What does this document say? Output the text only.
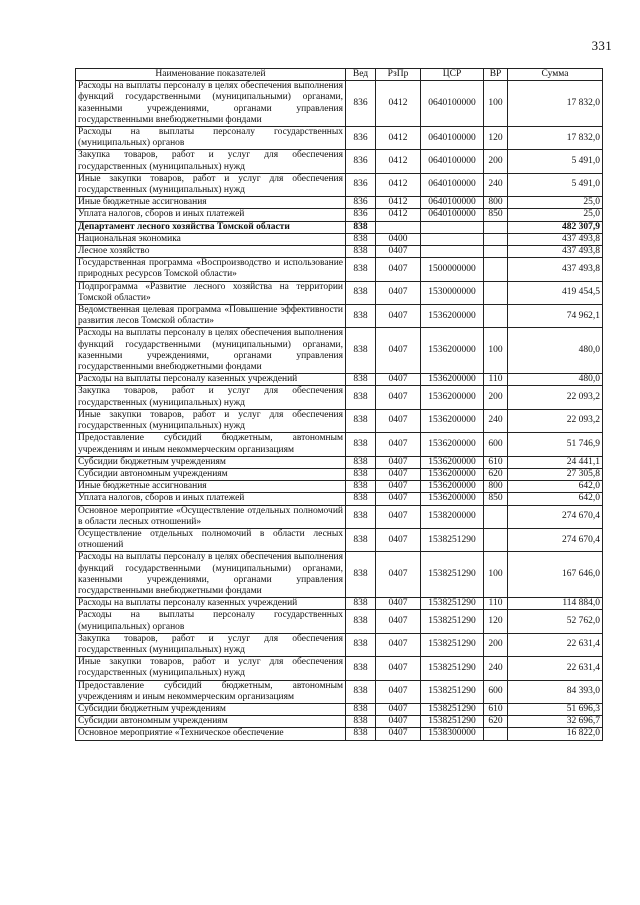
331
Наименование показателей	Вед	РзПр	ЦСР	ВР	Сумма
Расходы на выплаты персоналу в целях обеспечения выполнения функций государственными (муниципальными) органами, казенными учреждениями, органами управления государственными внебюджетными фондами	836	0412	0640100000	100	17 832,0
Расходы на выплаты персоналу государственных (муниципальных) органов	836	0412	0640100000	120	17 832,0
Закупка товаров, работ и услуг для обеспечения государственных (муниципальных) нужд	836	0412	0640100000	200	5 491,0
Иные закупки товаров, работ и услуг для обеспечения государственных (муниципальных) нужд	836	0412	0640100000	240	5 491,0
Иные бюджетные ассигнования	836	0412	0640100000	800	25,0
Уплата налогов, сборов и иных платежей	836	0412	0640100000	850	25,0
Департамент лесного хозяйства Томской области	838				482 307,9
Национальная экономика	838	0400			437 493,8
Лесное хозяйство	838	0407			437 493,8
Государственная программа «Воспроизводство и использование природных ресурсов Томской области»	838	0407	1500000000		437 493,8
Подпрограмма «Развитие лесного хозяйства на территории Томской области»	838	0407	1530000000		419 454,5
Ведомственная целевая программа «Повышение эффективности развития лесов Томской области»	838	0407	1536200000		74 962,1
Расходы на выплаты персоналу в целях обеспечения выполнения функций государственными (муниципальными) органами, казенными учреждениями, органами управления государственными внебюджетными фондами	838	0407	1536200000	100	480,0
Расходы на выплаты персоналу казенных учреждений	838	0407	1536200000	110	480,0
Закупка товаров, работ и услуг для обеспечения государственных (муниципальных) нужд	838	0407	1536200000	200	22 093,2
Иные закупки товаров, работ и услуг для обеспечения государственных (муниципальных) нужд	838	0407	1536200000	240	22 093,2
Предоставление субсидий бюджетным, автономным учреждениям и иным некоммерческим организациям	838	0407	1536200000	600	51 746,9
Субсидии бюджетным учреждениям	838	0407	1536200000	610	24 441,1
Субсидии автономным учреждениям	838	0407	1536200000	620	27 305,8
Иные бюджетные ассигнования	838	0407	1536200000	800	642,0
Уплата налогов, сборов и иных платежей	838	0407	1536200000	850	642,0
Основное мероприятие «Осуществление отдельных полномочий в области лесных отношений»	838	0407	1538200000		274 670,4
Осуществление отдельных полномочий в области лесных отношений	838	0407	1538251290		274 670,4
Расходы на выплаты персоналу в целях обеспечения выполнения функций государственными (муниципальными) органами, казенными учреждениями, органами управления государственными внебюджетными фондами	838	0407	1538251290	100	167 646,0
Расходы на выплаты персоналу казенных учреждений	838	0407	1538251290	110	114 884,0
Расходы на выплаты персоналу государственных (муниципальных) органов	838	0407	1538251290	120	52 762,0
Закупка товаров, работ и услуг для обеспечения государственных (муниципальных) нужд	838	0407	1538251290	200	22 631,4
Иные закупки товаров, работ и услуг для обеспечения государственных (муниципальных) нужд	838	0407	1538251290	240	22 631,4
Предоставление субсидий бюджетным, автономным учреждениям и иным некоммерческим организациям	838	0407	1538251290	600	84 393,0
Субсидии бюджетным учреждениям	838	0407	1538251290	610	51 696,3
Субсидии автономным учреждениям	838	0407	1538251290	620	32 696,7
Основное мероприятие «Техническое обеспечение	838	0407	1538300000		16 822,0
